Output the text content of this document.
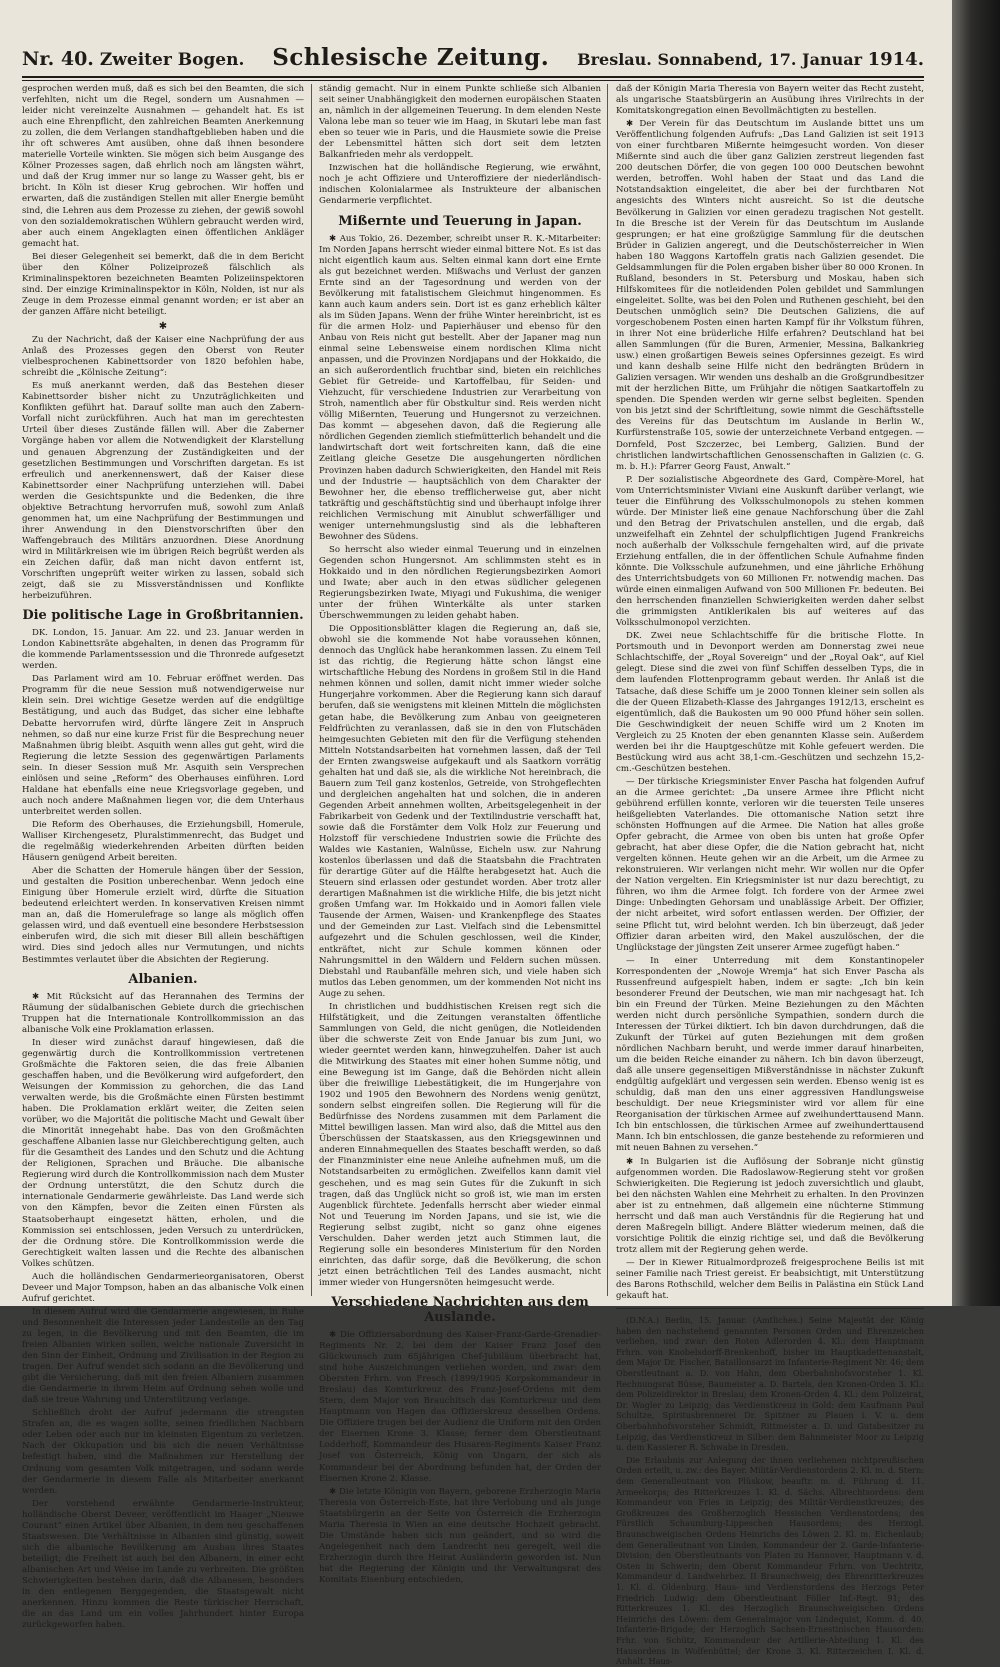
Nr. 40. Zweiter Bogen. Schlesische Zeitung. Breslau. Sonnabend, 17. Januar 1914.

gesprochen werden muß, daß es sich bei den Beamten, die sich verfehlten, nicht um die Regel, sondern um Ausnahmen — leider nicht vereinzelte Ausnahmen — gehandelt hat. Es ist auch eine Ehrenpflicht, den zahlreichen Beamten Anerkennung zu zollen, die dem Verlangen standhaftgeblieben haben und die ihr oft schweres Amt ausüben, ohne daß ihnen besondere materielle Vorteile winkten. Sie mögen sich beim Ausgange des Kölner Prozesses sagen, daß ehrlich noch am längsten währt, und daß der Krug immer nur so lange zu Wasser geht, bis er bricht. In Köln ist dieser Krug gebrochen. Wir hoffen und erwarten, daß die zuständigen Stellen mit aller Energie bemüht sind, die Lehren aus dem Prozesse zu ziehen, der gewiß sowohl von den sozialdemokratischen Wühlern gebraucht werden wird, aber auch einem Angeklagten einen öffentlichen Ankläger gemacht hat.

Bei dieser Gelegenheit sei bemerkt, daß die in dem Bericht über den Kölner Polizeiprozeß fälschlich als Kriminalinspektoren bezeichneten Beamten Polizeiinspektoren sind. Der einzige Kriminalinspektor in Köln, Nolden, ist nur als Zeuge in dem Prozesse einmal genannt worden; er ist aber an der ganzen Affäre nicht beteiligt.

✱

Zu der Nachricht, daß der Kaiser eine Nachprüfung der aus Anlaß des Prozesses gegen den Oberst von Reuter vielbesprochenen Kabinettsorder von 1820 befohlen habe, schreibt die „Kölnische Zeitung“:

Es muß anerkannt werden, daß das Bestehen dieser Kabinettsorder bisher nicht zu Unzuträglichkeiten und Konflikten geführt hat. Darauf sollte man auch den Zabern-Vorfall nicht zurückführen. Auch hat man im gerechtesten Urteil über dieses Zustände fällen will. Aber die Zaberner Vorgänge haben vor allem die Notwendigkeit der Klarstellung und genauen Abgrenzung der Zuständigkeiten und der gesetzlichen Bestimmungen und Vorschriften dargetan. Es ist erfreulich und anerkennenswert, daß der Kaiser diese Kabinettsorder einer Nachprüfung unterziehen will. Dabei werden die Gesichtspunkte und die Bedenken, die ihre objektive Betrachtung hervorrufen muß, sowohl zum Anlaß genommen hat, um eine Nachprüfung der Bestimmungen und ihrer Anwendung in den Dienstvorschriften über den Waffengebrauch des Militärs anzuordnen. Diese Anordnung wird in Militärkreisen wie im übrigen Reich begrüßt werden als ein Zeichen dafür, daß man nicht davon entfernt ist, Vorschriften ungeprüft weiter wirken zu lassen, sobald sich zeigt, daß sie zu Missverständnissen und Konflikte herbeizuführen.

Die politische Lage in Großbritannien.

DK. London, 15. Januar. Am 22. und 23. Januar werden in London Kabinettsräte abgehalten, in denen das Programm für die kommende Parlamentssession und die Thronrede aufgesetzt werden.

Das Parlament wird am 10. Februar eröffnet werden. Das Programm für die neue Session muß notwendigerweise nur klein sein. Drei wichtige Gesetze werden auf die endgültige Bestätigung, und auch das Budget, das sicher eine lebhafte Debatte hervorrufen wird, dürfte längere Zeit in Anspruch nehmen, so daß nur eine kurze Frist für die Besprechung neuer Maßnahmen übrig bleibt. Asquith wenn alles gut geht, wird die Regierung die letzte Session des gegenwärtigen Parlaments sein. In dieser Session muß Mr. Asquith sein Versprechen einlösen und seine „Reform“ des Oberhauses einführen. Lord Haldane hat ebenfalls eine neue Kriegsvorlage gegeben, und auch noch andere Maßnahmen liegen vor, die dem Unterhaus unterbreitet werden sollen.

Die Reform des Oberhauses, die Erziehungsbill, Homerule, Walliser Kirchengesetz, Pluralstimmenrecht, das Budget und die regelmäßig wiederkehrenden Arbeiten dürften beiden Häusern genügend Arbeit bereiten.

Aber die Schatten der Homerule hängen über der Session, und gestalten die Position unberechenbar. Wenn jedoch eine Einigung über Homerule erzielt wird, dürfte die Situation bedeutend erleichtert werden. In konservativen Kreisen nimmt man an, daß die Homerulefrage so lange als möglich offen gelassen wird, und daß eventuell eine besondere Herbstsession einberufen wird, die sich mit dieser Bill allein beschäftigen wird. Dies sind jedoch alles nur Vermutungen, und nichts Bestimmtes verlautet über die Absichten der Regierung.

Albanien.

✱ Mit Rücksicht auf das Herannahen des Termins der Räumung der südalbanischen Gebiete durch die griechischen Truppen hat die Internationale Kontrollkommission an das albanische Volk eine Proklamation erlassen.

In dieser wird zunächst darauf hingewiesen, daß die gegenwärtig durch die Kontrollkommission vertretenen Großmächte die Faktoren seien, die das freie Albanien geschaffen haben, und die Bevölkerung wird aufgefordert, den Weisungen der Kommission zu gehorchen, die das Land verwalten werde, bis die Großmächte einen Fürsten bestimmt haben. Die Proklamation erklärt weiter, die Zeiten seien vorüber, wo die Majorität die politische Macht und Gewalt über die Minorität innegehabt habe. Das von den Großmächten geschaffene Albanien lasse nur Gleichberechtigung gelten, auch für die Gesamtheit des Landes und den Schutz und die Achtung der Religionen, Sprachen und Bräuche. Die albanische Regierung wird durch die Kontrollkommission nach dem Muster der Ordnung unterstützt, die den Schutz durch die internationale Gendarmerie gewährleiste. Das Land werde sich von den Kämpfen, bevor die Zeiten einen Fürsten als Staatsoberhaupt eingesetzt hätten, erholen, und die Kommission sei entschlossen, jeden Versuch zu unterdrücken, der die Ordnung störe. Die Kontrollkommission werde die Gerechtigkeit walten lassen und die Rechte des albanischen Volkes schützen.

Auch die holländischen Gendarmerieorganisatoren, Oberst Deveer und Major Tompson, haben an das albanische Volk einen Aufruf gerichtet.

In diesem Aufruf wird die Gendarmerie angewiesen, in Ruhe und Besonnenheit die Interessen jeder Landesteile an den Tag zu legen, in die Bevölkerung und mit den Beamten, die im freien Albanien wirken sollen, welche nationale Zuversicht in den Sinn der Einheit, Ordnung und Zivilisation in der Region zu tragen. Der Aufruf wendet sich sodann an die Bevölkerung und gibt die Versicherung, daß mit den freien Albaniern zusammen die Gendarmerie in ihrem Heim auf Ordnung sehen wolle und daß sie treue Wahrung und Unterstützung verlange.

Schließlich droht der Aufruf jedermann die strengsten Strafen an, die es wagen sollte, seinen friedlichen Nachbarn oder Leben oder auch nur im kleinsten Eigentum zu verletzen. Nach der Okkupation und bis sich die neuen Verhältnisse befestigt haben, sind die Maßnahmen zur Herstellung der Ordnung vom gesamten Volk mitgetragen, und sodann werde der Gendarmerie in diesem Falle als Mitarbeiter anerkannt werden.

Der vorstehend erwähnte Gendarmerie-Instrukteur, holländische Oberst Deveer, veröffentlicht im Haager „Nieuwe Courant“ einen Artikel über Albanien, in dem neu geschaffenen Staatswesen. Die Verhältnisse in Albanien sind günstig, soweit sich die albanische Bevölkerung am Ausbau ihres Staates beteiligt; die Freiheit ist auch bei den Albanern, in einer echt albanischen Art und Weise im Lande zu verbreiten. Die größten Schwierigkeiten bestehen darin, daß die Albanesen, besonders in den entlegenen Berggegenden, die Staatsgewalt nicht anerkennen. Hinzu kommen die Reste türkischer Herrschaft, die an das Land um ein volles Jahrhundert hinter Europa zurückgeworfen haben.

ständig gemacht. Nur in einem Punkte schließe sich Albanien seit seiner Unabhängigkeit den modernen europäischen Staaten an, nämlich in der allgemeinen Teuerung. In dem elenden Neste Valona lebe man so teuer wie im Haag, in Skutari lebe man fast eben so teuer wie in Paris, und die Hausmiete sowie die Preise der Lebensmittel hätten sich dort seit dem letzten Balkanfrieden mehr als verdoppelt.

Inzwischen hat die holländische Regierung, wie erwähnt, noch je acht Offiziere und Unteroffiziere der niederländisch-indischen Kolonialarmee als Instrukteure der albanischen Gendarmerie verpflichtet.

Mißernte und Teuerung in Japan.

✱ Aus Tokio, 26. Dezember, schreibt unser R. K.-Mitarbeiter: Im Norden Japans herrscht wieder einmal bittere Not. Es ist das nicht eigentlich kaum aus. Selten einmal kann dort eine Ernte als gut bezeichnet werden. Mißwachs und Verlust der ganzen Ernte sind an der Tagesordnung und werden von der Bevölkerung mit fatalistischem Gleichmut hingenommen. Es kann auch kaum anders sein. Dort ist es ganz erheblich kälter als im Süden Japans. Wenn der frühe Winter hereinbricht, ist es für die armen Holz- und Papierhäuser und ebenso für den Anbau von Reis nicht gut bestellt. Aber der Japaner mag nun einmal seine Lebensweise einem nordischen Klima nicht anpassen, und die Provinzen Nordjapans und der Hokkaido, die an sich außerordentlich fruchtbar sind, bieten ein reichliches Gebiet für Getreide- und Kartoffelbau, für Seiden- und Viehzucht, für verschiedene Industrien zur Verarbeitung von Stroh, namentlich aber für Obstkultur sind. Reis werden nicht völlig Mißernten, Teuerung und Hungersnot zu verzeichnen. Das kommt — abgesehen davon, daß die Regierung alle nördlichen Gegenden ziemlich stiefmütterlich behandelt und die landwirtschaft dort weit fortschreiten kann, daß die eine Zeitlang gleiche Gesetze Die ausgehungerten nördlichen Provinzen haben dadurch Schwierigkeiten, den Handel mit Reis und der Industrie — hauptsächlich von dem Charakter der Bewohner her, die ebenso trefflicherweise gut, aber nicht tatkräftig und geschäftstüchtig sind und überhaupt infolge ihrer reichlichen Vermischung mit Ainublut schwerfälliger und weniger unternehmungslustig sind als die lebhafteren Bewohner des Südens.

So herrscht also wieder einmal Teuerung und in einzelnen Gegenden schon Hungersnot. Am schlimmsten steht es in Hokkaido und in den nördlichen Regierungsbezirken Aomori und Iwate; aber auch in den etwas südlicher gelegenen Regierungsbezirken Iwate, Miyagi und Fukushima, die weniger unter der frühen Winterkälte als unter starken Überschwemmungen zu leiden gehabt haben.

Die Oppositionsblätter klagen die Regierung an, daß sie, obwohl sie die kommende Not habe voraussehen können, dennoch das Unglück habe herankommen lassen. Zu einem Teil ist das richtig, die Regierung hätte schon längst eine wirtschaftliche Hebung des Nordens in großem Stil in die Hand nehmen können und sollen, damit nicht immer wieder solche Hungerjahre vorkommen. Aber die Regierung kann sich darauf berufen, daß sie wenigstens mit kleinen Mitteln die möglichsten getan habe, die Bevölkerung zum Anbau von geeigneteren Feldfrüchten zu veranlassen, daß sie in den von Flutschäden heimgesuchten Gebieten mit den für die Verfügung stehenden Mitteln Notstandsarbeiten hat vornehmen lassen, daß der Teil der Ernten zwangsweise aufgekauft und als Saatkorn vorrätig gehalten hat und daß sie, als die wirkliche Not hereinbrach, die Bauern zum Teil ganz kostenlos, Getreide, von Strohgeflechten und dergleichen angehalten hat und solchen, die in anderen Gegenden Arbeit annehmen wollten, Arbeitsgelegenheit in der Fabrikarbeit von Gedenk und der Textilindustrie verschafft hat, sowie daß die Forstämter dem Volk Holz zur Feuerung und Holzstoff für verschiedene Industrien sowie die Früchte des Waldes wie Kastanien, Walnüsse, Eicheln usw. zur Nahrung kostenlos überlassen und daß die Staatsbahn die Frachtraten für derartige Güter auf die Hälfte herabgesetzt hat. Auch die Steuern sind erlassen oder gestundet worden. Aber trotz aller derartigen Maßnahmen ist die wirkliche Hilfe, die bis jetzt nicht großen Umfang war. Im Hokkaido und in Aomori fallen viele Tausende der Armen, Waisen- und Krankenpflege des Staates und der Gemeinden zur Last. Vielfach sind die Lebensmittel aufgezehrt und die Schulen geschlossen, weil die Kinder, entkräftet, nicht zur Schule kommen können oder Nahrungsmittel in den Wäldern und Feldern suchen müssen. Diebstahl und Raubanfälle mehren sich, und viele haben sich mutlos das Leben genommen, um der kommenden Not nicht ins Auge zu sehen.

In christlichen und buddhistischen Kreisen regt sich die Hilfstätigkeit, und die Zeitungen veranstalten öffentliche Sammlungen von Geld, die nicht genügen, die Notleidenden über die schwerste Zeit von Ende Januar bis zum Juni, wo wieder geerntet werden kann, hinwegzuhelfen. Daher ist auch die Mitwirkung des Staates mit einer hohen Summe nötig, und eine Bewegung ist im Gange, daß die Behörden nicht allein über die freiwillige Liebestätigkeit, die im Hungerjahre von 1902 und 1905 den Bewohnern des Nordens wenig genützt, sondern selbst eingreifen sollen. Die Regierung will für die Bedürfnisse des Nordens zusammen mit dem Parlament die Mittel bewilligen lassen. Man wird also, daß die Mittel aus den Überschüssen der Staatskassen, aus den Kriegsgewinnen und anderen Einnahmequellen des Staates beschafft werden, so daß der Finanzminister eine neue Anleihe aufnehmen muß, um die Notstandsarbeiten zu ermöglichen. Zweifellos kann damit viel geschehen, und es mag sein Gutes für die Zukunft in sich tragen, daß das Unglück nicht so groß ist, wie man im ersten Augenblick fürchtete. Jedenfalls herrscht aber wieder einmal Not und Teuerung im Norden Japans, und sie ist, wie die Regierung selbst zugibt, nicht so ganz ohne eigenes Verschulden. Daher werden jetzt auch Stimmen laut, die Regierung solle ein besonderes Ministerium für den Norden einrichten, das dafür sorge, daß die Bevölkerung, die schon jetzt einen beträchtlichen Teil des Landes ausmacht, nicht immer wieder von Hungersnöten heimgesucht werde.

Verschiedene Nachrichten aus dem Auslande.

✱ Die Offiziersabordnung des Kaiser-Franz-Garde-Grenadier-Regiments Nr. 2, bei dem der Kaiser Franz Josef den Glückwunsch zum 65jährigen Chef-Jubiläum überbracht hat, sind hohe Auszeichnungen verliehen worden, und zwar: dem Obersten Frhrn. von Fresch (1899/1905 Korpskommandeur in Breslau) das Komturkreuz des Franz-Josef-Ordens mit dem Stern, dem Major von Brauchitsch das Komturkreuz und dem Hauptmann von Hagen das Offizierskreuz desselben Ordens. Die Offiziere trugen bei der Audienz die Uniform mit den Orden der Eisernen Krone 3. Klasse; ferner dem Oberstleutnant Lodderhoff, Kommandeur des Husaren-Regiments Kaiser Franz Josef von Österreich, König von Ungarn, der sich als Kommandeur bei der Abordnung befunden hat, der Orden der Eisernen Krone 2. Klasse.

✱ Die letzte Königin von Bayern, geborene Erzherzogin Maria Theresia von Österreich-Este, hat ihre Verlobung und als junge Staatsbürgerin an der Seite von Österreich die Erzherzogin Maria Theresia in Wien an eine deutsche Hochzeit gebracht. Die Umstände haben sich nun geändert, und so wird die Angelegenheit nach dem Landrecht neu geregelt, weil die Erzherzogin durch ihre Heirat Ausländerin geworden ist. Nun hat die Regierung der Königin und ihr Verwaltungsrat des Komitats Eisenburg entschieden,

daß der Königin Maria Theresia von Bayern weiter das Recht zusteht, als ungarische Staatsbürgerin an Ausübung ihres Virilrechts in der Komitatskongregation einen Bevollmächtigten zu bestellen.

✱ Der Verein für das Deutschtum im Auslande bittet uns um Veröffentlichung folgenden Aufrufs: „Das Land Galizien ist seit 1913 von einer furchtbaren Mißernte heimgesucht worden. Von dieser Mißernte sind auch die über ganz Galizien zerstreut liegenden fast 200 deutschen Dörfer, die von gegen 100 000 Deutschen bewohnt werden, betroffen. Wohl haben der Staat und das Land die Notstandsaktion eingeleitet, die aber bei der furchtbaren Not angesichts des Winters nicht ausreicht. So ist die deutsche Bevölkerung in Galizien vor einen geradezu tragischen Not gestellt. In die Bresche ist der Verein für das Deutschtum im Auslande gesprungen; er hat eine großzügige Sammlung für die deutschen Brüder in Galizien angeregt, und die Deutschösterreicher in Wien haben 180 Waggons Kartoffeln gratis nach Galizien gesendet. Die Geldsammlungen für die Polen ergaben bisher über 80 000 Kronen. In Rußland, besonders in St. Petersburg und Moskau, haben sich Hilfskomitees für die notleidenden Polen gebildet und Sammlungen eingeleitet. Sollte, was bei den Polen und Ruthenen geschieht, bei den Deutschen unmöglich sein? Die Deutschen Galiziens, die auf vorgeschobenem Posten einen harten Kampf für ihr Volkstum führen, in ihrer Not eine brüderliche Hilfe erfahren? Deutschland hat bei allen Sammlungen (für die Buren, Armenier, Messina, Balkankrieg usw.) einen großartigen Beweis seines Opfersinnes gezeigt. Es wird und kann deshalb seine Hilfe nicht den bedrängten Brüdern in Galizien versagen. Wir wenden uns deshalb an die Großgrundbesitzer mit der herzlichen Bitte, um Frühjahr die nötigen Saatkartoffeln zu spenden. Die Spenden werden wir gerne selbst begleiten. Spenden von bis jetzt sind der Schriftleitung, sowie nimmt die Geschäftsstelle des Vereins für das Deutschtum im Auslande in Berlin W., Kurfürstenstraße 105, sowie der unterzeichnete Verband entgegen. — Dornfeld, Post Szczerzec, bei Lemberg, Galizien. Bund der christlichen landwirtschaftlichen Genossenschaften in Galizien (c. G. m. b. H.): Pfarrer Georg Faust, Anwalt.“

P. Der sozialistische Abgeordnete des Gard, Compère-Morel, hat vom Unterrichtsminister Viviani eine Auskunft darüber verlangt, wie teuer die Einführung des Volksschulmonopols zu stehen kommen würde. Der Minister ließ eine genaue Nachforschung über die Zahl und den Betrag der Privatschulen anstellen, und die ergab, daß unzweifelhaft ein Zehntel der schulpflichtigen Jugend Frankreichs noch außerhalb der Volksschule ferngehalten wird, auf die private Erziehung entfallen, die in der öffentlichen Schule Aufnahme finden könnte. Die Volksschule aufzunehmen, und eine jährliche Erhöhung des Unterrichtsbudgets von 60 Millionen Fr. notwendig machen. Das würde einen einmaligen Aufwand von 500 Millionen Fr. bedeuten. Bei den herrschenden finanziellen Schwierigkeiten werden daher selbst die grimmigsten Antiklerikalen bis auf weiteres auf das Volksschulmonopol verzichten.

DK. Zwei neue Schlachtschiffe für die britische Flotte. In Portsmouth und in Devonport werden am Donnerstag zwei neue Schlachtschiffe, der „Royal Sovereign“ und der „Royal Oak“, auf Kiel gelegt. Diese sind die zwei von fünf Schiffen desselben Typs, die in dem laufenden Flottenprogramm gebaut werden. Ihr Anlaß ist die Tatsache, daß diese Schiffe um je 2000 Tonnen kleiner sein sollen als die der Queen Elizabeth-Klasse des Jahrganges 1912/13, erscheint es eigentümlich, daß die Baukosten um 90 000 Pfund höher sein sollen. Die Geschwindigkeit der neuen Schiffe wird um 2 Knoten im Vergleich zu 25 Knoten der eben genannten Klasse sein. Außerdem werden bei ihr die Hauptgeschütze mit Kohle gefeuert werden. Die Bestückung wird aus acht 38,1-cm.-Geschützen und sechzehn 15,2-cm.-Geschützen bestehen.

— Der türkische Kriegsminister Enver Pascha hat folgenden Aufruf an die Armee gerichtet: „Da unsere Armee ihre Pflicht nicht gebührend erfüllen konnte, verloren wir die teuersten Teile unseres heißgeliebten Vaterlandes. Die ottomanische Nation setzt ihre schönsten Hoffnungen auf die Armee. Die Nation hat alles große Opfer gebracht, die Armee von oben bis unten hat große Opfer gebracht, hat aber diese Opfer, die die Nation gebracht hat, nicht vergelten können. Heute gehen wir an die Arbeit, um die Armee zu rekonstruieren. Wir verlangen nicht mehr. Wir wollen nur die Opfer der Nation vergelten. Ein Kriegsminister ist nur dazu berechtigt, zu führen, wo ihm die Armee folgt. Ich fordere von der Armee zwei Dinge: Unbedingten Gehorsam und unablässige Arbeit. Der Offizier, der nicht arbeitet, wird sofort entlassen werden. Der Offizier, der seine Pflicht tut, wird belohnt werden. Ich bin überzeugt, daß jeder Offizier daran arbeiten wird, den Makel auszulöschen, der die Unglückstage der jüngsten Zeit unserer Armee zugefügt haben.“

— In einer Unterredung mit dem Konstantinopeler Korrespondenten der „Nowoje Wremja“ hat sich Enver Pascha als Russenfreund aufgespielt haben, indem er sagte: „Ich bin kein besonderer Freund der Deutschen, wie man mir nachgesagt hat. Ich bin ein Freund der Türken. Meine Beziehungen zu den Mächten werden nicht durch persönliche Sympathien, sondern durch die Interessen der Türkei diktiert. Ich bin davon durchdrungen, daß die Zukunft der Türkei auf guten Beziehungen mit dem großen nördlichen Nachbarn beruht, und werde immer darauf hinarbeiten, um die beiden Reiche einander zu nähern. Ich bin davon überzeugt, daß alle unsere gegenseitigen Mißverständnisse in nächster Zukunft endgültig aufgeklärt und vergessen sein werden. Ebenso wenig ist es schuldig, daß man den uns einer aggressiven Handlungsweise beschuldigt. Der neue Kriegsminister wird vor allem für eine Reorganisation der türkischen Armee auf zweihunderttausend Mann. Ich bin entschlossen, die türkischen Armee auf zweihunderttausend Mann. Ich bin entschlossen, die ganze bestehende zu reformieren und mit neuen Bahnen zu versehen.“

✱ In Bulgarien ist die Auflösung der Sobranje nicht günstig aufgenommen worden. Die Radoslawow-Regierung steht vor großen Schwierigkeiten. Die Regierung ist jedoch zuversichtlich und glaubt, bei den nächsten Wahlen eine Mehrheit zu erhalten. In den Provinzen aber ist zu entnehmen, daß allgemein eine nüchterne Stimmung herrscht und daß man auch Verständnis für die Regierung hat und deren Maßregeln billigt. Andere Blätter wiederum meinen, daß die vorsichtige Politik die einzig richtige sei, und daß die Bevölkerung trotz allem mit der Regierung gehen werde.

— Der in Kiewer Ritualmordprozeß freigesprochene Beilis ist mit seiner Familie nach Triest gereist. Er beabsichtigt, mit Unterstützung des Barons Rothschild, welcher dem Beilis in Palästina ein Stück Land gekauft hat.

(D.N.A.) Berlin, 15. Januar. (Amtliches.) Seine Majestät der König haben den nachstehend genannten Personen Orden und Ehrenzeichen verliehen, und zwar: den Roten Adlerorden 4. Kl.: dem Hauptmann Frhrn. von Knobelsdorff-Brenkenhoff, bisher im Hauptkadettenanstalt, dem Major Dr. Fischer, Bataillonsarzt im Infanterie-Regiment Nr. 46; dem Oberstleutnant a. D. von Hahn, dem Oberbahnhofsvorsteher 1. Kl. Rechnungsrat Büsse, Baumeister a. D. Bartels, den Kronen-Orden 3. Kl.: dem Polizeidirektor in Breslau; dem Kronen-Orden 4. Kl.: dem Polizeirat, Dr. Wagler zu Leipzig; das Verdienstkreuz in Gold: dem Kaufmann Paul Schultze, Spiritusbrennerei Dr. Spitzner zu Plauen i. V. u. dem Oberbahnhofsvorsteher Schmidt, Rittmeister a. D. und Gutsbesitzer zu Leipzig, das Verdienstkreuz in Silber: dem Bahnmeister Moor zu Leipzig u. dem Kassierer R. Schwabe in Dresden.

Die Erlaubnis zur Anlegung der ihnen verliehenen nichtpreußischen Orden erteilt, u. zw.: des Bayer. Militär-Verdienstordens 2. Kl. m. d. Stern: dem Generalleutnant von Plüskow, beauftr. m. d. Führung d. 11. Armeekorps; des Ritterkreuzes 1. Kl. d. Sächs. Albrechtsordens: dem Kommandeur von Fries in Leipzig; des Militär-Verdienstkreuzes; des Großkreuzes des Großherzoglich Hessischen Verdienstordens; des Fürstlich Schaumburg-Lippeschen Hausordens; des Herzogl. Braunschweigischen Ordens Heinrichs des Löwen 2. Kl. m. Eichenlaub; dem Generalleutnant von Linden, Kommandeur der 2. Garde-Infanterie-Division; den Oberstleutnants von Platen zu Hannover, Hauptmann v. d. Osten in Schwerin; dem Oberst Kommandeur Frhrn. von Uechtritz, Kommandeur d. Landwehrbez. II Braunschweig; des Ehrenritterkreuzes 1. Kl. d. Oldenburg. Haus- und Verdienstordens des Herzogs Peter Friedrich Ludwig: dem Oberstleutnant Föller Inf.-Regt. 91; des Ritterkreuzes 1. Kl. des Herzoglich Braunschweigischen Ordens Heinrichs des Löwen: dem Generalmajor von Lindequist, Komm. d. 40. Infanterie-Brigade; der Herzoglich Sachsen-Ernestinischen Hausorden: Frhr. von Schütz, Kommandeur der Artillerie-Abteilung 1. Kl. des Hausordens in Wolfenbüttel; der Krone 3. Kl. Ritterzeichen I. Kl. d. Anhalt. Haus-
